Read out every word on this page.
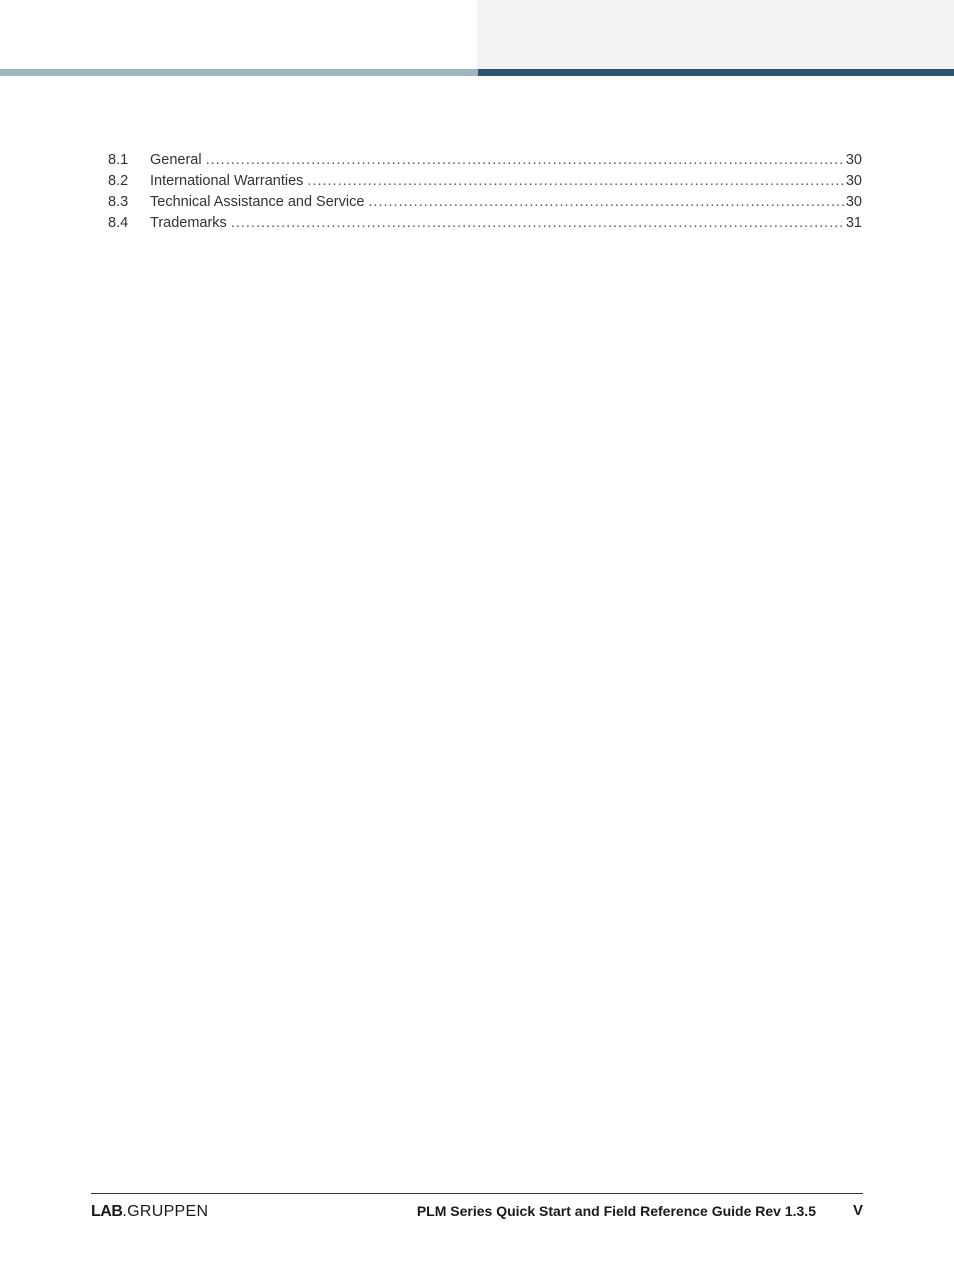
8.1	General .....	30
8.2	International Warranties .....	30
8.3	Technical Assistance and Service .....	30
8.4	Trademarks .....	31
LAB .GRUPPEN	PLM Series Quick Start and Field Reference Guide Rev 1.3.5 V
